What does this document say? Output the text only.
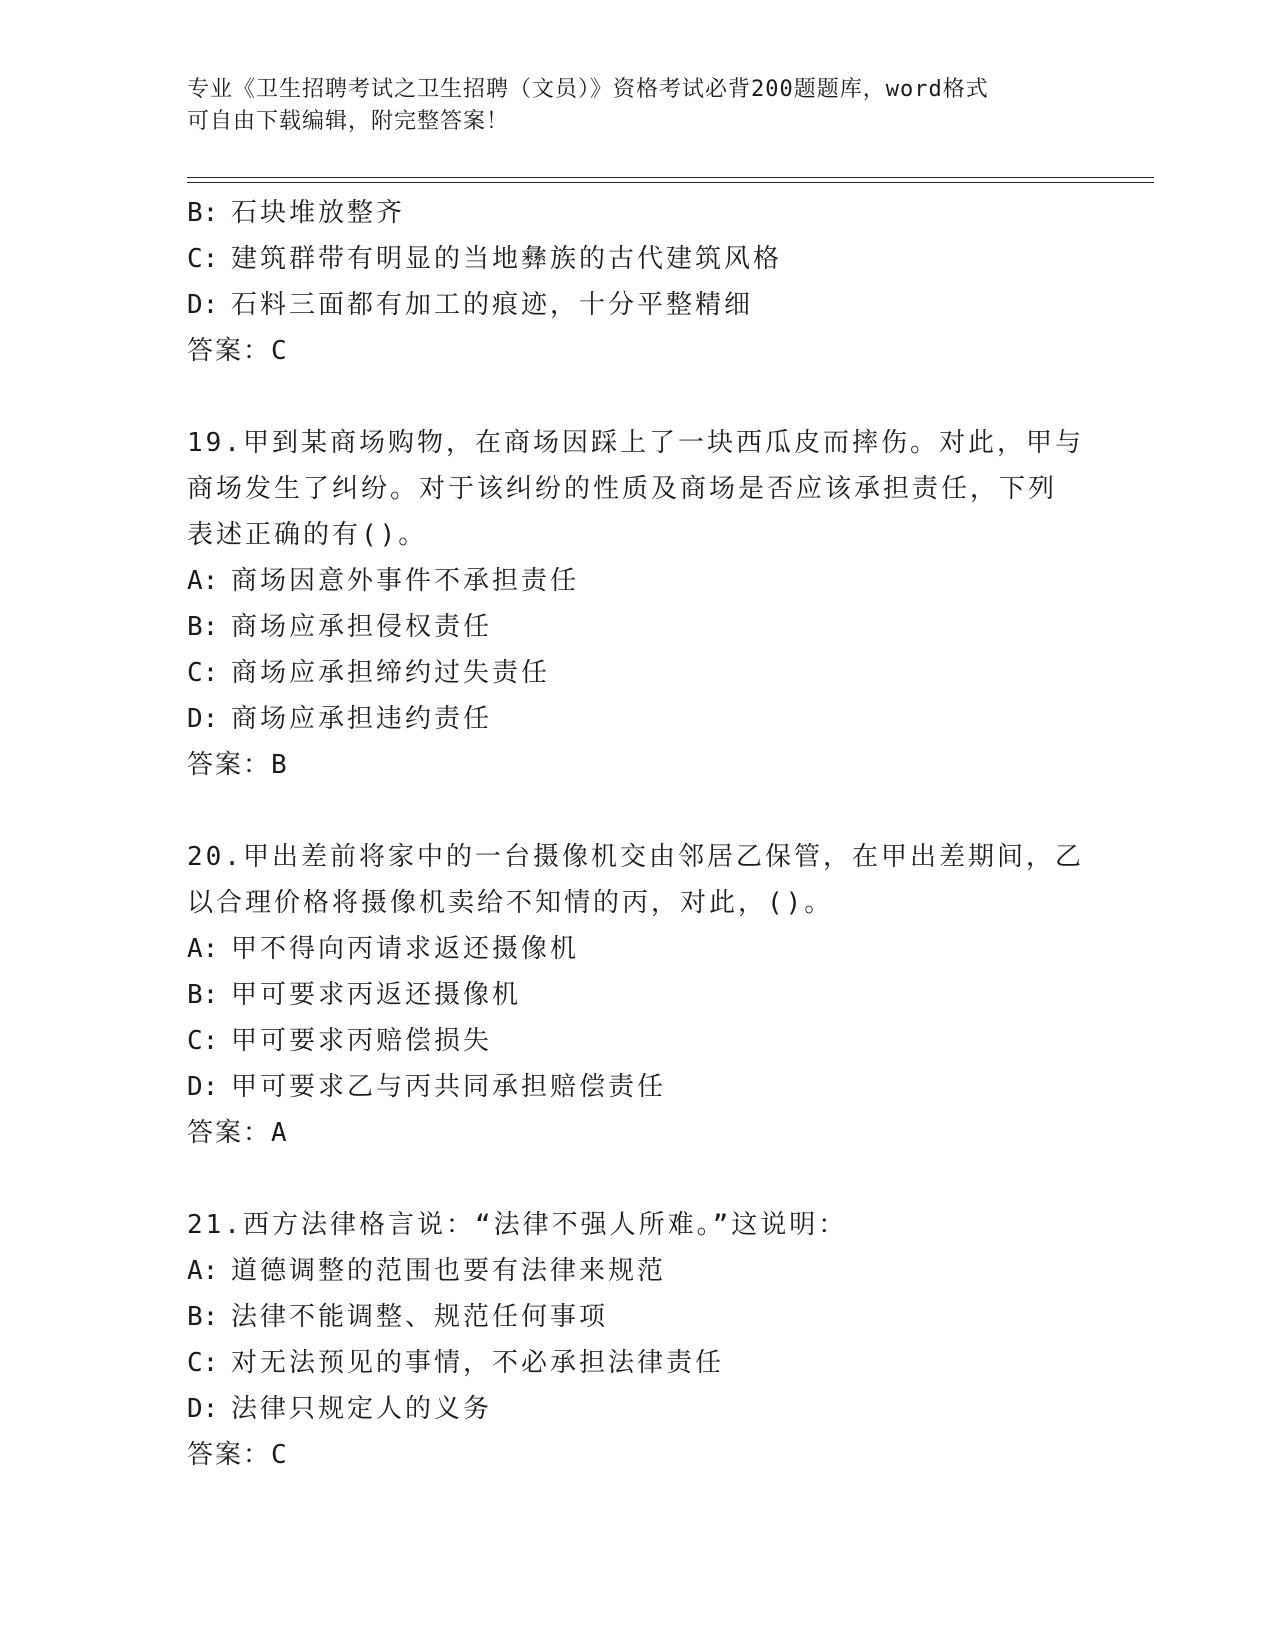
专业《卫生招聘考试之卫生招聘（文员）》资格考试必背200题题库，word格式
可自由下载编辑，附完整答案！
B: 石块堆放整齐
C: 建筑群带有明显的当地彝族的古代建筑风格
D: 石料三面都有加工的痕迹，十分平整精细
答案：C
19.甲到某商场购物，在商场因踩上了一块西瓜皮而摔伤。对此，甲与
商场发生了纠纷。对于该纠纷的性质及商场是否应该承担责任，下列
表述正确的有()。
A: 商场因意外事件不承担责任
B: 商场应承担侵权责任
C: 商场应承担缔约过失责任
D: 商场应承担违约责任
答案：B
20.甲出差前将家中的一台摄像机交由邻居乙保管，在甲出差期间，乙
以合理价格将摄像机卖给不知情的丙，对此，()。
A: 甲不得向丙请求返还摄像机
B: 甲可要求丙返还摄像机
C: 甲可要求丙赔偿损失
D: 甲可要求乙与丙共同承担赔偿责任
答案：A
21.西方法律格言说：“法律不强人所难。”这说明：
A: 道德调整的范围也要有法律来规范
B: 法律不能调整、规范任何事项
C: 对无法预见的事情，不必承担法律责任
D: 法律只规定人的义务
答案：C
